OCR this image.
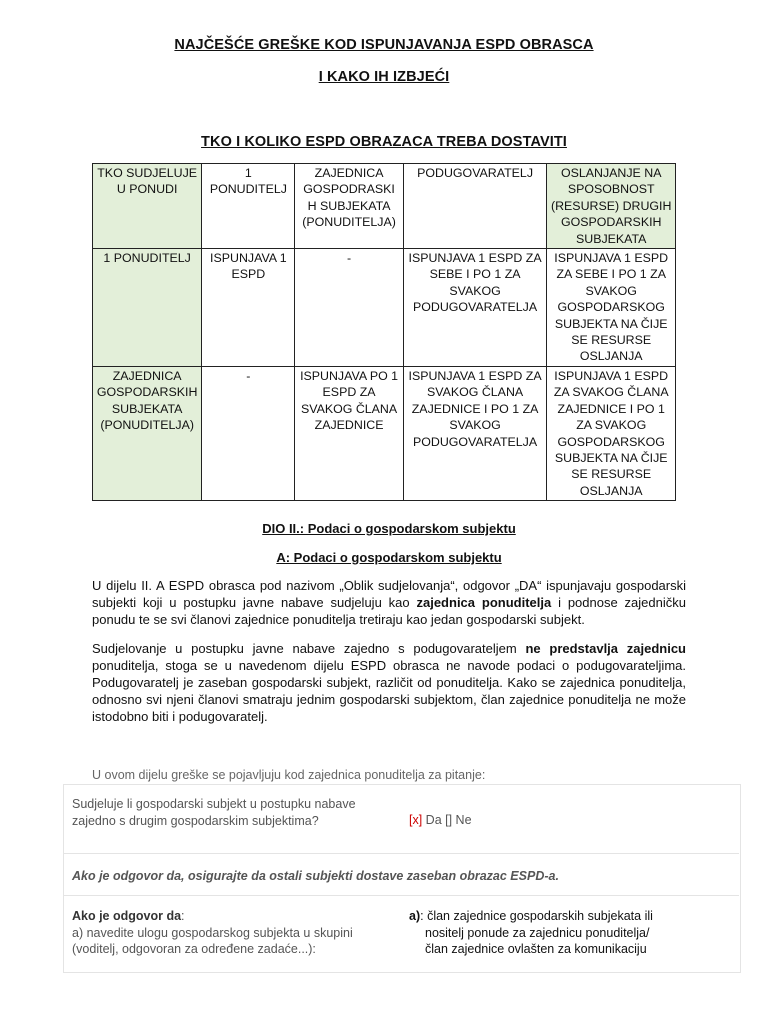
NAJČEŠĆE GREŠKE KOD ISPUNJAVANJA ESPD OBRASCA
I KAKO IH IZBJEĆI
TKO I KOLIKO ESPD OBRAZACA TREBA DOSTAVITI
TKO SUDJELUJE U PONUDI	1 PONUDITELJ	ZAJEDNICA GOSPODRASKI H SUBJEKATA (PONUDITELJA)	PODUGOVARATELJ	OSLANJANJE NA SPOSOBNOST (RESURSE) DRUGIH GOSPODARSKIH SUBJEKATA
1 PONUDITELJ	ISPUNJAVA 1 ESPD	-	ISPUNJAVA 1 ESPD ZA SEBE I PO 1 ZA SVAKOG PODUGOVARATELJA	ISPUNJAVA 1 ESPD ZA SEBE I PO 1 ZA SVAKOG GOSPODARSKOG SUBJEKTA NA ČIJE SE RESURSE OSLJANJA
ZAJEDNICA GOSPODARSKIH SUBJEKATA (PONUDITELJA)	-	ISPUNJAVA PO 1 ESPD ZA SVAKOG ČLANA ZAJEDNICE	ISPUNJAVA 1 ESPD ZA SVAKOG ČLANA ZAJEDNICE I PO 1 ZA SVAKOG PODUGOVARATELJA	ISPUNJAVA 1 ESPD ZA SVAKOG ČLANA ZAJEDNICE I PO 1 ZA SVAKOG GOSPODARSKOG SUBJEKTA NA ČIJE SE RESURSE OSLJANJA
DIO II.: Podaci o gospodarskom subjektu
A: Podaci o gospodarskom subjektu
U dijelu II. A ESPD obrasca pod nazivom „Oblik sudjelovanja“, odgovor „DA“ ispunjavaju gospodarski subjekti koji u postupku javne nabave sudjeluju kao zajednica ponuditelja i podnose zajedničku ponudu te se svi članovi zajednice ponuditelja tretiraju kao jedan gospodarski subjekt.
Sudjelovanje u postupku javne nabave zajedno s podugovarateljem ne predstavlja zajednicu ponuditelja, stoga se u navedenom dijelu ESPD obrasca ne navode podaci o podugovarateljima. Podugovaratelj je zaseban gospodarski subjekt, različit od ponuditelja. Kako se zajednica ponuditelja, odnosno svi njeni članovi smatraju jednim gospodarski subjektom, član zajednice ponuditelja ne može istodobno biti i podugovaratelj.
U ovom dijelu greške se pojavljuju kod zajednica ponuditelja za pitanje:
Sudjeluje li gospodarski subjekt u postupku nabave zajedno s drugim gospodarskim subjektima?	[x] Da [] Ne
Ako je odgovor da, osigurajte da ostali subjekti dostave zaseban obrazac ESPD-a.
Ako je odgovor da:
a) navedite ulogu gospodarskog subjekta u skupini
(voditelj, odgovoran za određene zadaće...):
a): član zajednice gospodarskih subjekata ili
nositelj ponude za zajednicu ponuditelja/
član zajednice ovlašten za komunikaciju
